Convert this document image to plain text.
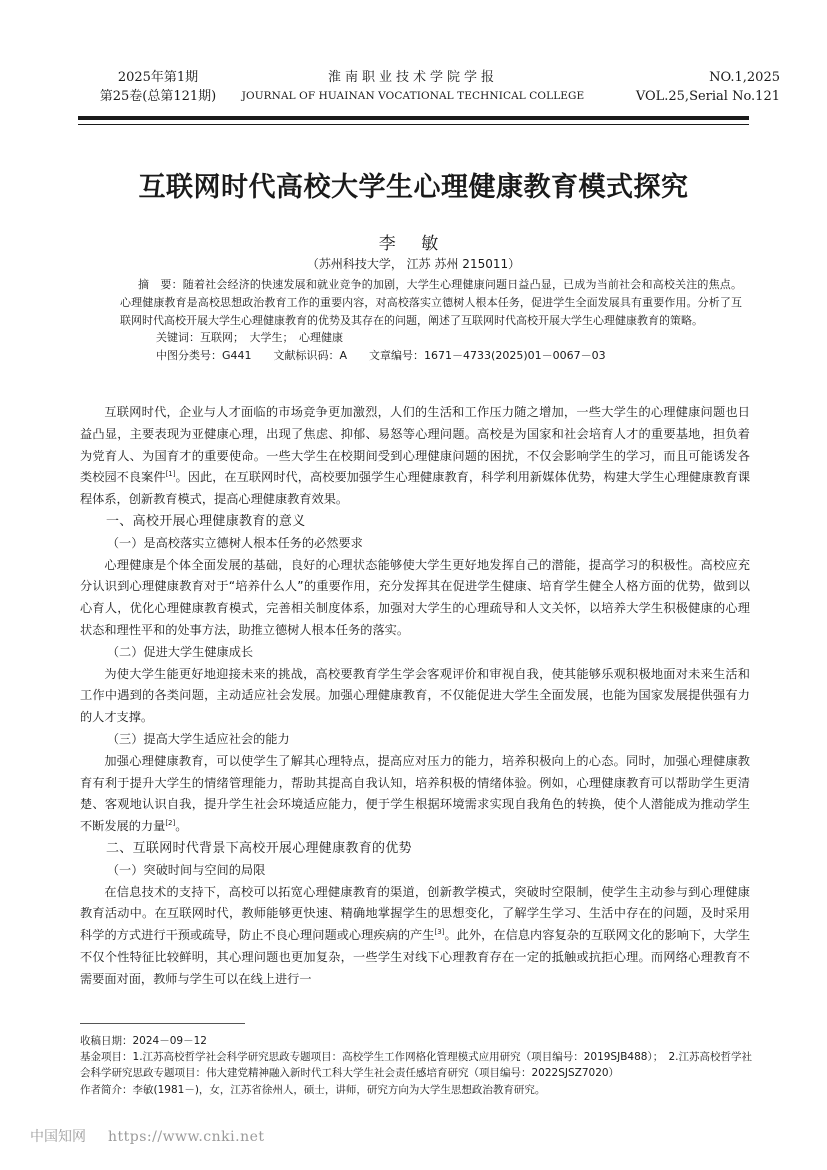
2025年第1期
第25卷(总第121期)
淮南职业技术学院学报
JOURNAL OF HUAINAN VOCATIONAL TECHNICAL COLLEGE
NO.1,2025
VOL.25,Serial No.121
互联网时代高校大学生心理健康教育模式探究
李 敏
（苏州科技大学， 江苏 苏州 215011）

摘　要：随着社会经济的快速发展和就业竞争的加剧，大学生心理健康问题日益凸显，已成为当前社会和高校关注的焦点。心理健康教育是高校思想政治教育工作的重要内容，对高校落实立德树人根本任务，促进学生全面发展具有重要作用。分析了互联网时代高校开展大学生心理健康教育的优势及其存在的问题，阐述了互联网时代高校开展大学生心理健康教育的策略。

关键词：互联网；　大学生；　心理健康

中图分类号：G441　　文献标识码：A　　文章编号：1671－4733(2025)01－0067－03

互联网时代，企业与人才面临的市场竞争更加激烈，人们的生活和工作压力随之增加，一些大学生的心理健康问题也日益凸显，主要表现为亚健康心理，出现了焦虑、抑郁、易怒等心理问题。高校是为国家和社会培育人才的重要基地，担负着为党育人、为国育才的重要使命。一些大学生在校期间受到心理健康问题的困扰，不仅会影响学生的学习，而且可能诱发各类校园不良案件[1]。因此，在互联网时代，高校要加强学生心理健康教育，科学利用新媒体优势，构建大学生心理健康教育课程体系，创新教育模式，提高心理健康教育效果。

一、高校开展心理健康教育的意义
（一）是高校落实立德树人根本任务的必然要求

心理健康是个体全面发展的基础，良好的心理状态能够使大学生更好地发挥自己的潜能，提高学习的积极性。高校应充分认识到心理健康教育对于“培养什么人”的重要作用，充分发挥其在促进学生健康、培育学生健全人格方面的优势，做到以心育人，优化心理健康教育模式，完善相关制度体系，加强对大学生的心理疏导和人文关怀，以培养大学生积极健康的心理状态和理性平和的处事方法，助推立德树人根本任务的落实。

（二）促进大学生健康成长

为使大学生能更好地迎接未来的挑战，高校要教育学生学会客观评价和审视自我，使其能够乐观积极地面对未来生活和工作中遇到的各类问题，主动适应社会发展。加强心理健康教育，不仅能促进大学生全面发展，也能为国家发展提供强有力的人才支撑。

（三）提高大学生适应社会的能力

加强心理健康教育，可以使学生了解其心理特点，提高应对压力的能力，培养积极向上的心态。同时，加强心理健康教育有利于提升大学生的情绪管理能力，帮助其提高自我认知，培养积极的情绪体验。例如，心理健康教育可以帮助学生更清楚、客观地认识自我，提升学生社会环境适应能力，便于学生根据环境需求实现自我角色的转换，使个人潜能成为推动学生不断发展的力量[2]。

二、互联网时代背景下高校开展心理健康教育的优势
（一）突破时间与空间的局限

在信息技术的支持下，高校可以拓宽心理健康教育的渠道，创新教学模式，突破时空限制，使学生主动参与到心理健康教育活动中。在互联网时代，教师能够更快速、精确地掌握学生的思想变化，了解学生学习、生活中存在的问题，及时采用科学的方式进行干预或疏导，防止不良心理问题或心理疾病的产生[3]。此外，在信息内容复杂的互联网文化的影响下，大学生不仅个性特征比较鲜明，其心理问题也更加复杂，一些学生对线下心理教育存在一定的抵触或抗拒心理。而网络心理教育不需要面对面，教师与学生可以在线上进行一

收稿日期：2024－09－12

基金项目：1.江苏高校哲学社会科学研究思政专题项目：高校学生工作网格化管理模式应用研究（项目编号：2019SJB488）；　2.江苏高校哲学社会科学研究思政专题项目：伟大建党精神融入新时代工科大学生社会责任感培育研究（项目编号：2022SJSZ7020）

作者简介：李敏(1981－)，女，江苏省徐州人，硕士，讲师，研究方向为大学生思想政治教育研究。

中国知网 https://www.cnki.net
